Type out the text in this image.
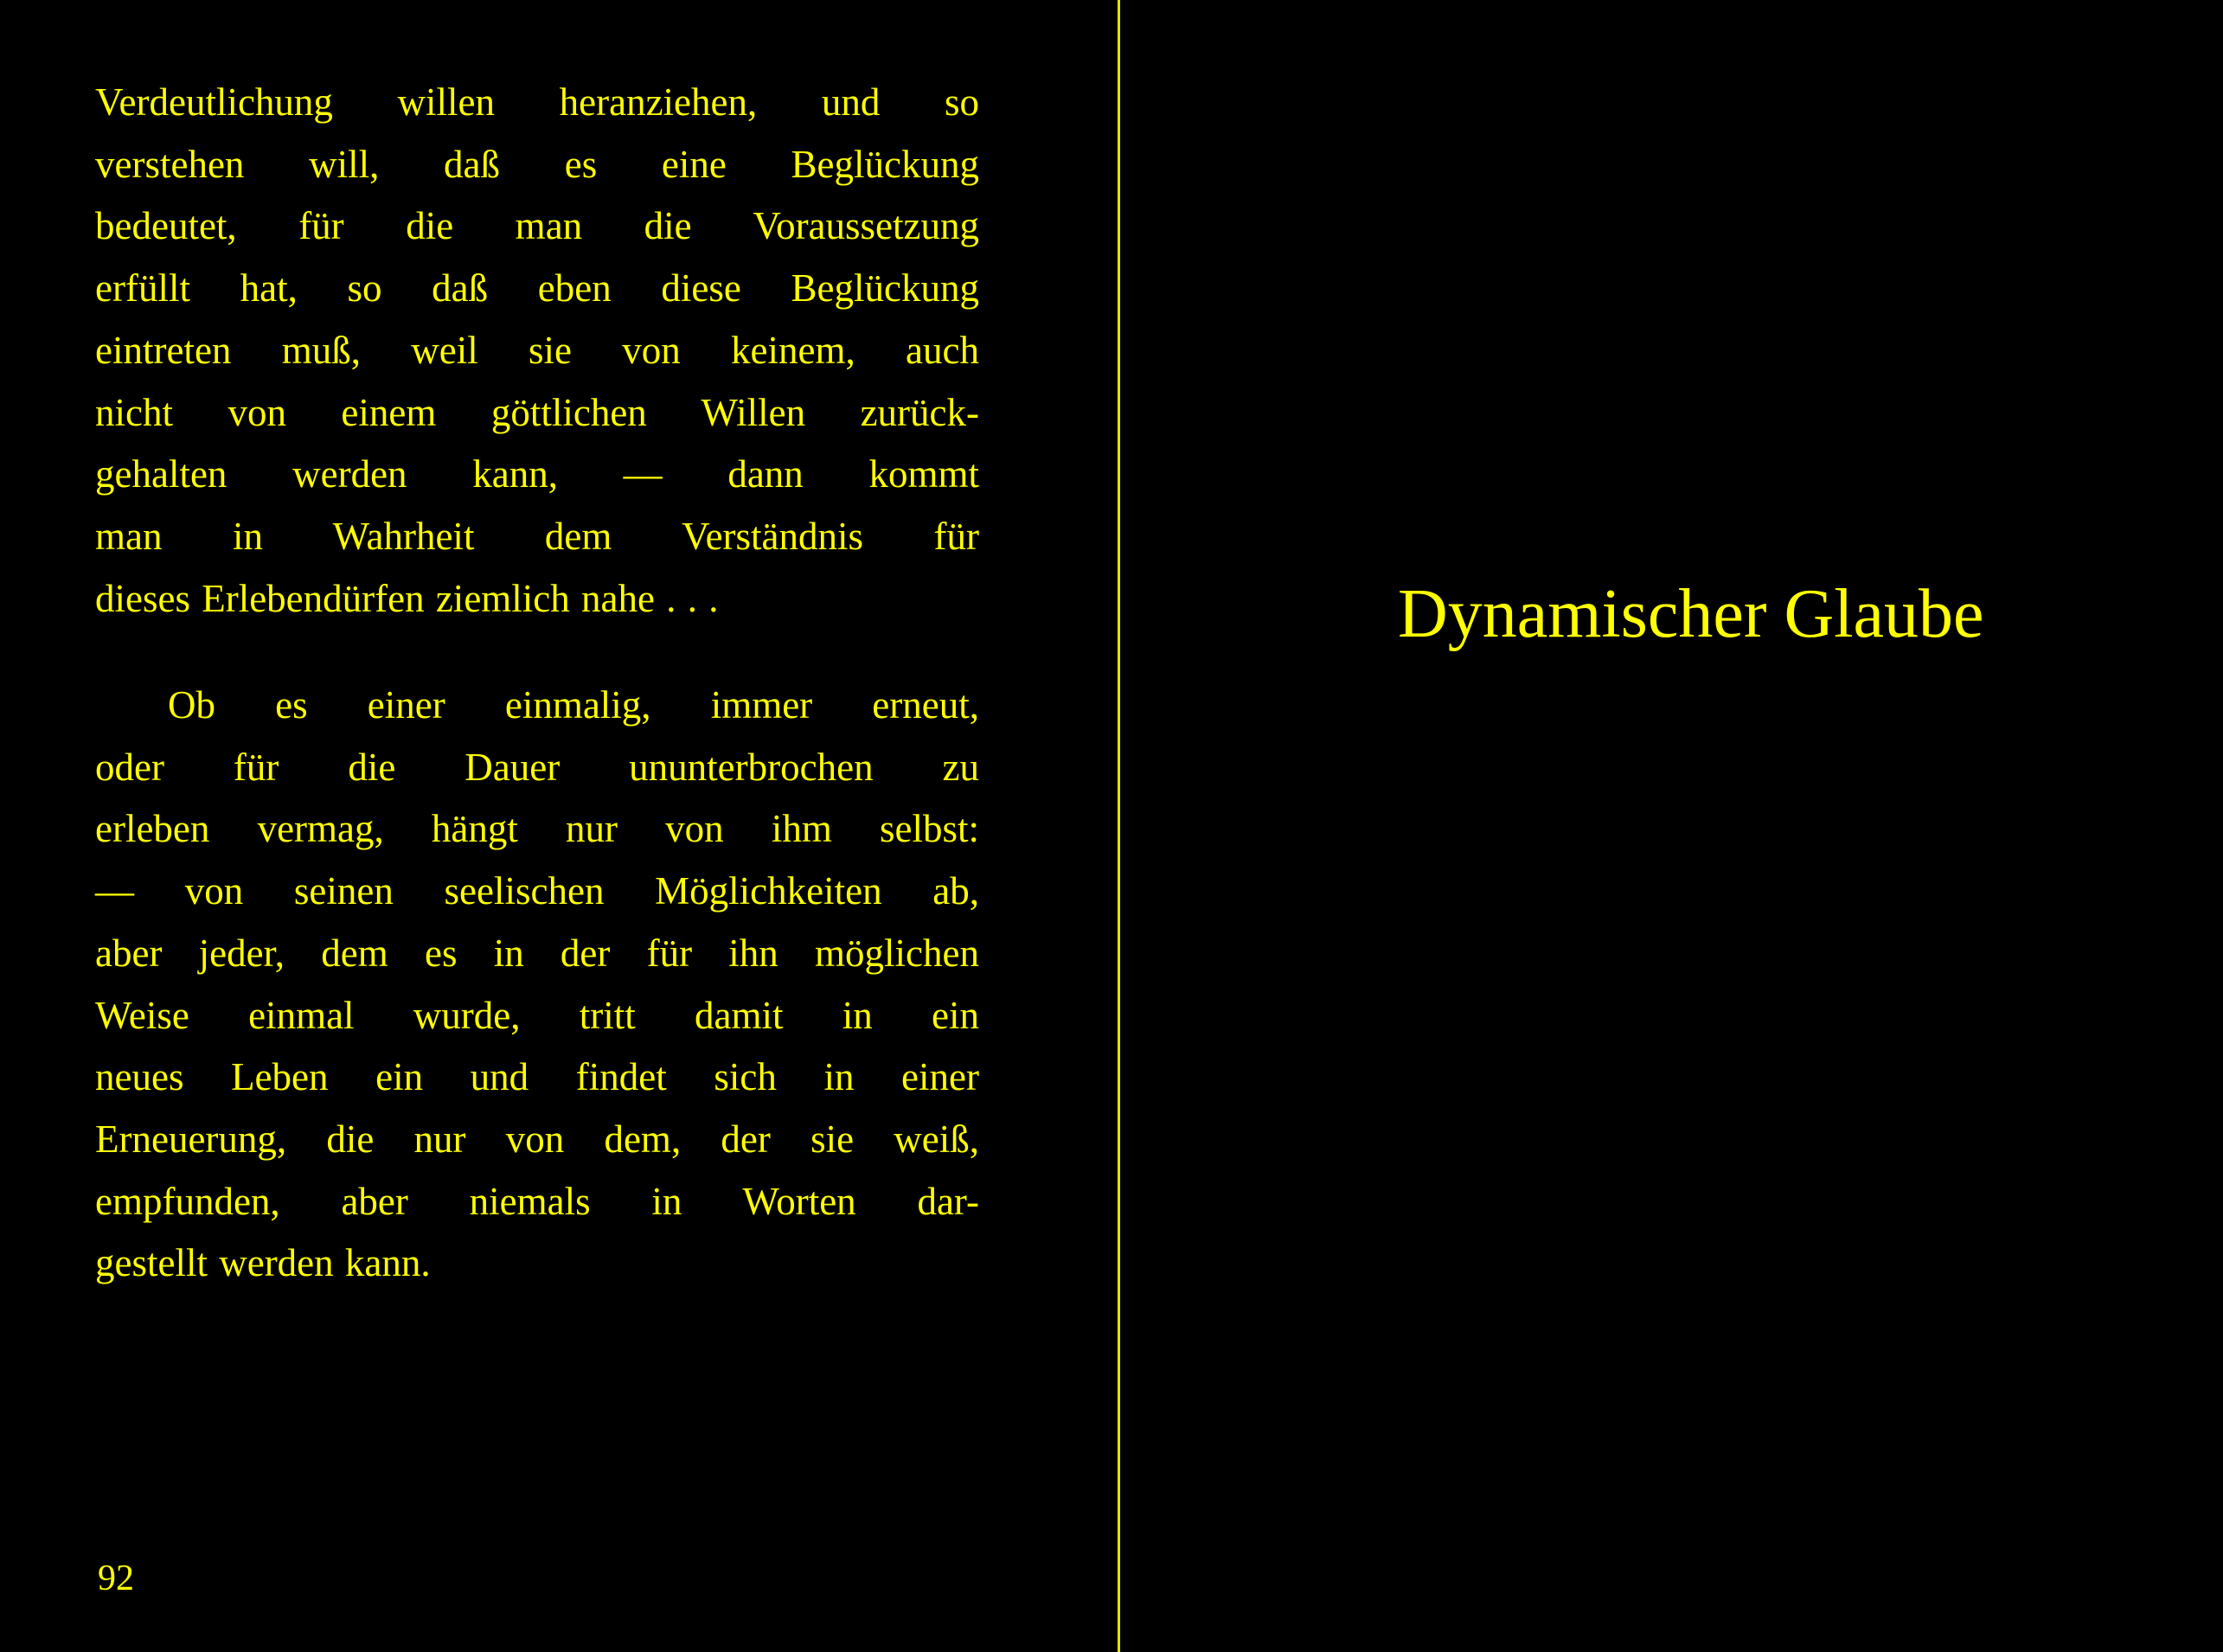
Verdeutlichung willen heranziehen, und so
verstehen will, daß es eine Beglückung
bedeutet, für die man die Voraussetzung
erfüllt hat, so daß eben diese Beglückung
eintreten muß, weil sie von keinem, auch
nicht von einem göttlichen Willen zurück-
gehalten werden kann, — dann kommt
man in Wahrheit dem Verständnis für
dieses Erlebendürfen ziemlich nahe . . .
Ob es einer einmalig, immer erneut,
oder für die Dauer ununterbrochen zu
erleben vermag, hängt nur von ihm selbst:
— von seinen seelischen Möglichkeiten ab,
aber jeder, dem es in der für ihn möglichen
Weise einmal wurde, tritt damit in ein
neues Leben ein und findet sich in einer
Erneuerung, die nur von dem, der sie weiß,
empfunden, aber niemals in Worten dar-
gestellt werden kann.
92
Dynamischer Glaube
